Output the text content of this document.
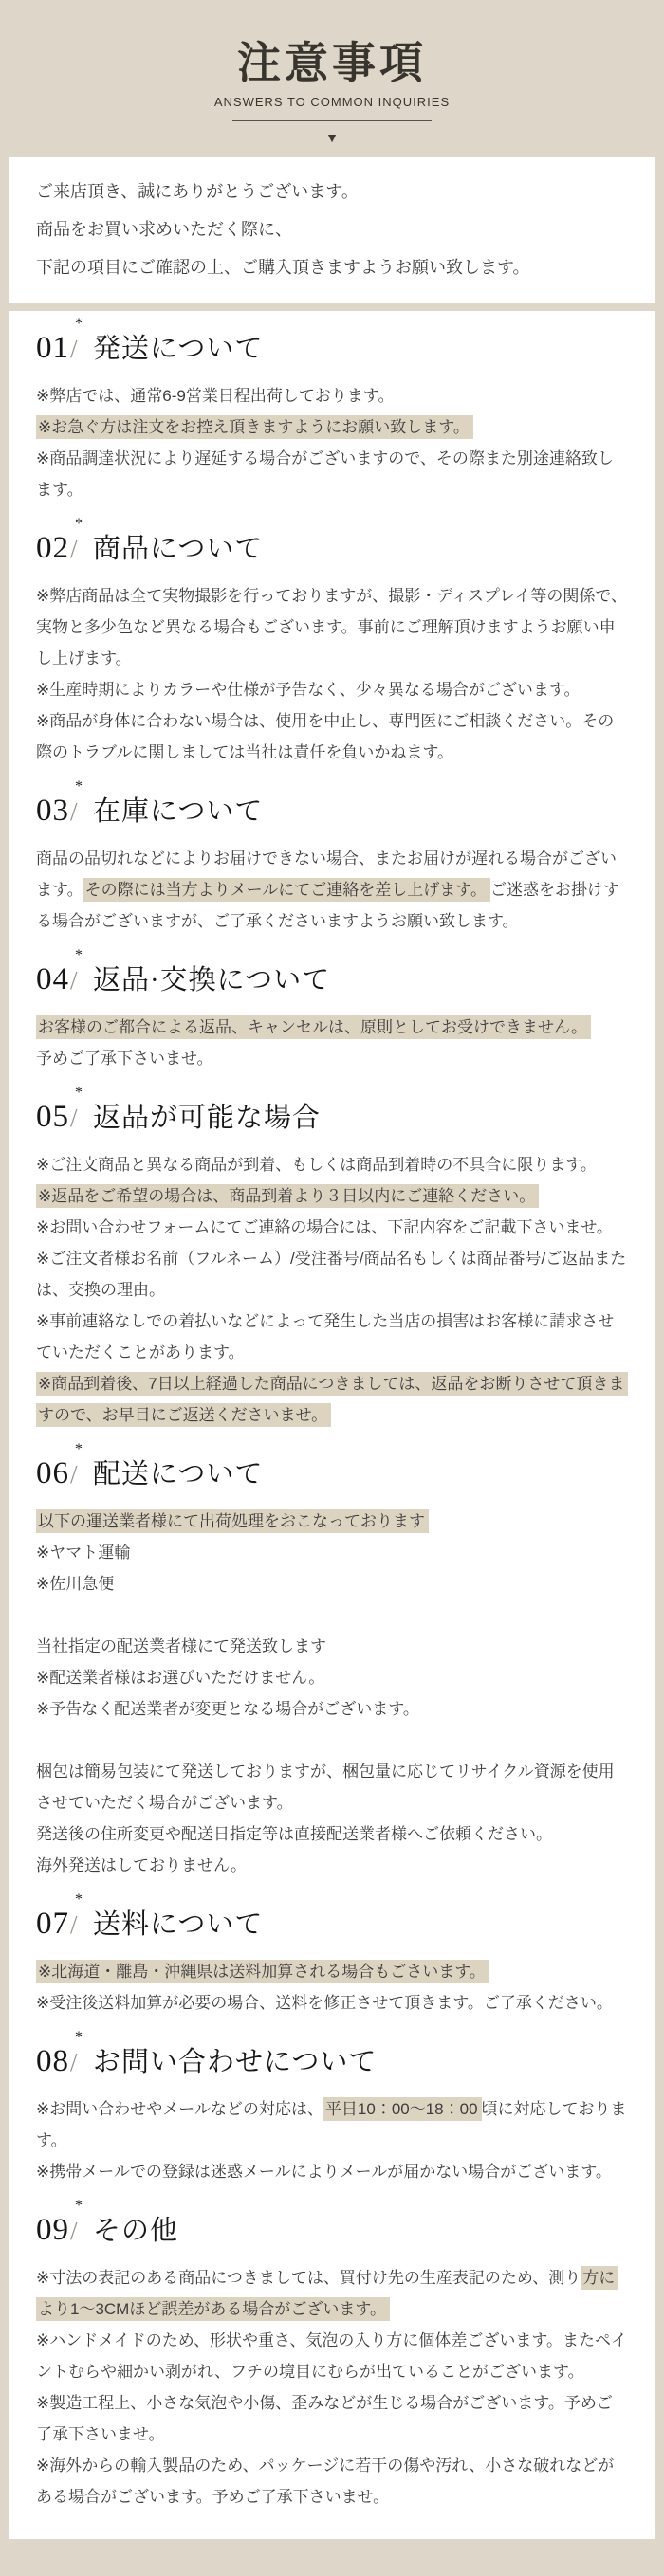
注意事項
ANSWERS TO COMMON INQUIRIES
▼

ご来店頂き、誠にありがとうございます。

商品をお買い求めいただく際に、

下記の項目にご確認の上、ご購入頂きますようお願い致します。

01
*
/ 発送について

※弊店では、通常6-9営業日程出荷しております。

※お急ぐ方は注文をお控え頂きますようにお願い致します。

※商品調達状況により遅延する場合がございますので、その際また別途連絡致します。

02
*
/ 商品について

※弊店商品は全て実物撮影を行っておりますが、撮影・ディスプレイ等の関係で、実物と多少色など異なる場合もございます。事前にご理解頂けますようお願い申し上げます。

※生産時期によりカラーや仕様が予告なく、少々異なる場合がございます。

※商品が身体に合わない場合は、使用を中止し、専門医にご相談ください。その際のトラブルに関しましては当社は責任を負いかねます。

03
*
/ 在庫について

商品の品切れなどによりお届けできない場合、またお届けが遅れる場合がございます。 その際には当方よりメールにてご連絡を差し上げます。 ご迷惑をお掛けする場合がございますが、ご了承くださいますようお願い致します。

04
*
/ 返品·交換について

お客様のご都合による返品、キャンセルは、原則としてお受けできません。

予めご了承下さいませ。

05
*
/ 返品が可能な場合

※ご注文商品と異なる商品が到着、もしくは商品到着時の不具合に限ります。

※返品をご希望の場合は、商品到着より３日以内にご連絡ください。

※お問い合わせフォームにてご連絡の場合には、下記内容をご記載下さいませ。

※ご注文者様お名前（フルネーム）/受注番号/商品名もしくは商品番号/ご返品または、交換の理由。

※事前連絡なしでの着払いなどによって発生した当店の損害はお客様に請求させていただくことがあります。

※商品到着後、7日以上経過した商品につきましては、返品をお断りさせて頂きますので、お早目にご返送くださいませ。

06
*
/ 配送について

以下の運送業者様にて出荷処理をおこなっております

※ヤマト運輸

※佐川急便

当社指定の配送業者様にて発送致します

※配送業者様はお選びいただけません。

※予告なく配送業者が変更となる場合がございます。

梱包は簡易包装にて発送しておりますが、梱包量に応じてリサイクル資源を使用させていただく場合がございます。

発送後の住所変更や配送日指定等は直接配送業者様へご依頼ください。

海外発送はしておりません。

07
*
/ 送料について

※北海道・離島・沖縄県は送料加算される場合もごさいます。

※受注後送料加算が必要の場合、送料を修正させて頂きます。ご了承ください。

08
*
/ お問い合わせについて

※お問い合わせやメールなどの対応は、 平日10：00～18：00 頃に対応しております。

※携帯メールでの登録は迷惑メールによりメールが届かない場合がございます。

09
*
/ その他

※寸法の表記のある商品につきましては、買付け先の生産表記のため、測り 方により1～3CMほど誤差がある場合がございます。

※ハンドメイドのため、形状や重さ、気泡の入り方に個体差ございます。またペイントむらや細かい剥がれ、フチの境目にむらが出ていることがございます。

※製造工程上、小さな気泡や小傷、歪みなどが生じる場合がございます。予めご了承下さいませ。

※海外からの輸入製品のため、パッケージに若干の傷や汚れ、小さな破れなどがある場合がございます。予めご了承下さいませ。
